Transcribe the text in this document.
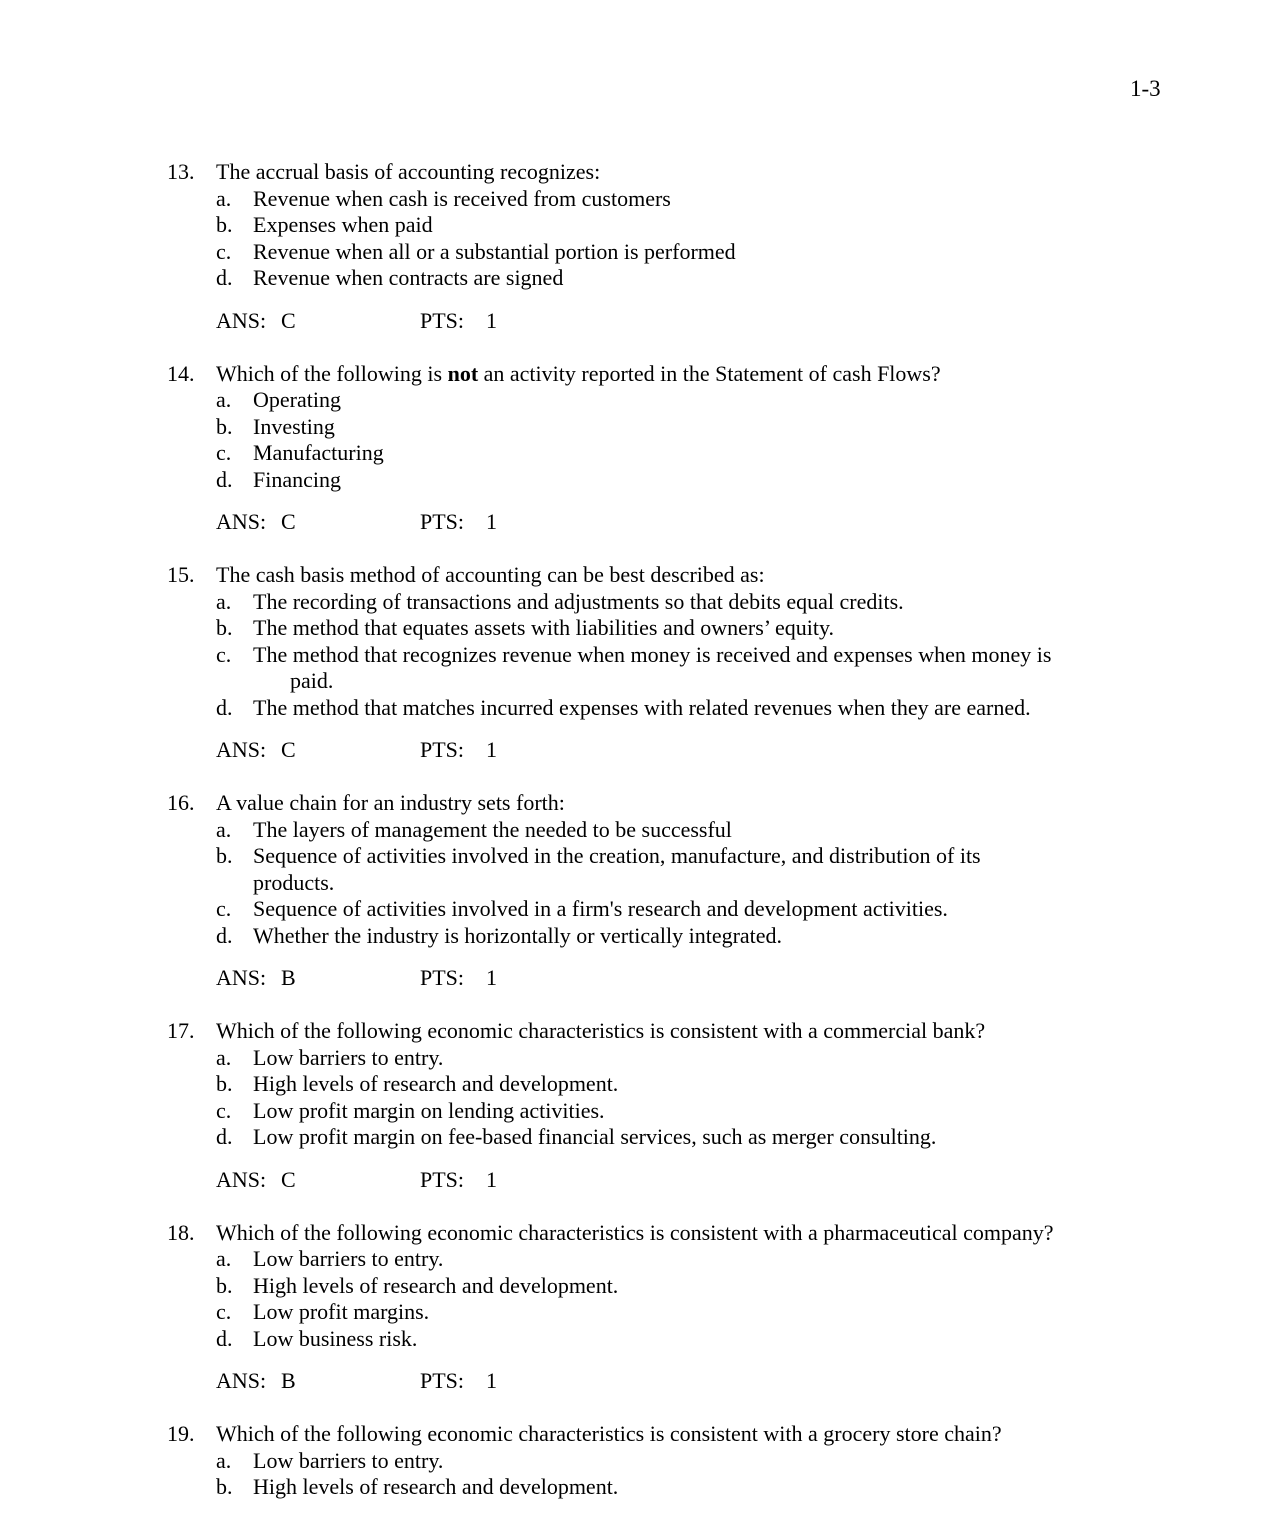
1-3
13. The accrual basis of accounting recognizes:
a. Revenue when cash is received from customers
b. Expenses when paid
c. Revenue when all or a substantial portion is performed
d. Revenue when contracts are signed
ANS: C	PTS: 1
14. Which of the following is not an activity reported in the Statement of cash Flows?
a. Operating
b. Investing
c. Manufacturing
d. Financing
ANS: C	PTS: 1
15. The cash basis method of accounting can be best described as:
a. The recording of transactions and adjustments so that debits equal credits.
b. The method that equates assets with liabilities and owners’ equity.
c. The method that recognizes revenue when money is received and expenses when money is
paid.
d. The method that matches incurred expenses with related revenues when they are earned.
ANS: C	PTS: 1
16. A value chain for an industry sets forth:
a. The layers of management the needed to be successful
b. Sequence of activities involved in the creation, manufacture, and distribution of its
products.
c. Sequence of activities involved in a firm's research and development activities.
d. Whether the industry is horizontally or vertically integrated.
ANS: B	PTS: 1
17. Which of the following economic characteristics is consistent with a commercial bank?
a. Low barriers to entry.
b. High levels of research and development.
c. Low profit margin on lending activities.
d. Low profit margin on fee-based financial services, such as merger consulting.
ANS: C	PTS: 1
18. Which of the following economic characteristics is consistent with a pharmaceutical company?
a. Low barriers to entry.
b. High levels of research and development.
c. Low profit margins.
d. Low business risk.
ANS: B	PTS: 1
19. Which of the following economic characteristics is consistent with a grocery store chain?
a. Low barriers to entry.
b. High levels of research and development.
